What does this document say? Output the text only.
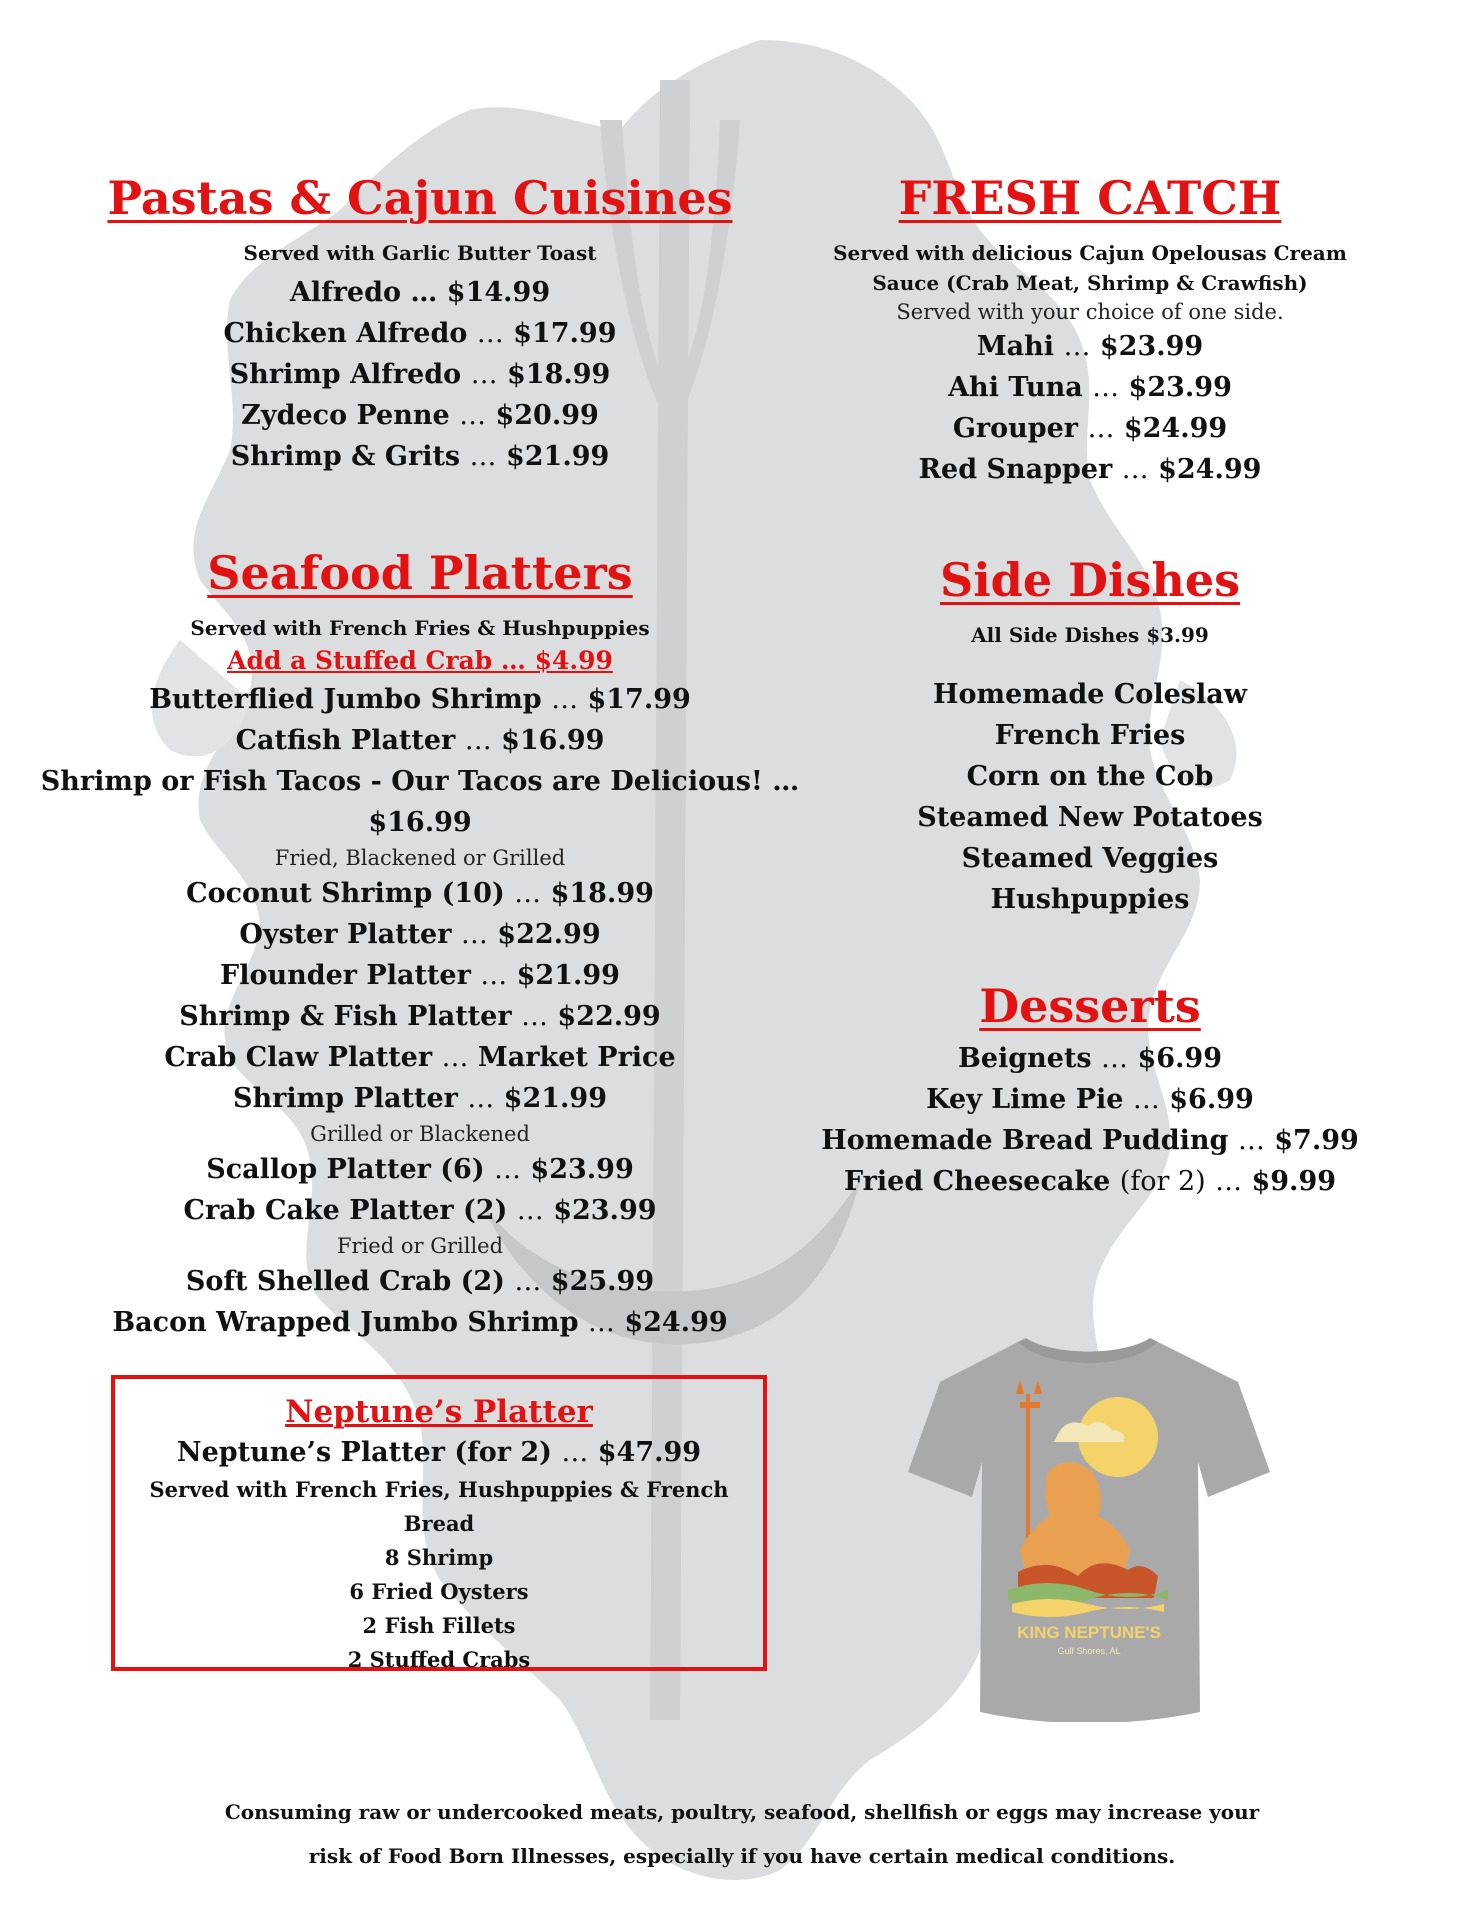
Pastas & Cajun Cuisines
Served with Garlic Butter Toast
Alfredo … $14.99
Chicken Alfredo … $17.99
Shrimp Alfredo … $18.99
Zydeco Penne … $20.99
Shrimp & Grits … $21.99
Seafood Platters
Served with French Fries & Hushpuppies
Add a Stuffed Crab … $4.99
Butterflied Jumbo Shrimp … $17.99
Catfish Platter … $16.99
Shrimp or Fish Tacos - Our Tacos are Delicious! … $16.99
Fried, Blackened or Grilled
Coconut Shrimp (10) … $18.99
Oyster Platter … $22.99
Flounder Platter … $21.99
Shrimp & Fish Platter … $22.99
Crab Claw Platter … Market Price
Shrimp Platter … $21.99
Grilled or Blackened
Scallop Platter (6) … $23.99
Crab Cake Platter (2) … $23.99
Fried or Grilled
Soft Shelled Crab (2) … $25.99
Bacon Wrapped Jumbo Shrimp … $24.99
FRESH CATCH
Served with delicious Cajun Opelousas Cream
Sauce (Crab Meat, Shrimp & Crawfish)
Served with your choice of one side.
Mahi … $23.99
Ahi Tuna … $23.99
Grouper … $24.99
Red Snapper … $24.99
Side Dishes
All Side Dishes $3.99
Homemade Coleslaw
French Fries
Corn on the Cob
Steamed New Potatoes
Steamed Veggies
Hushpuppies
Desserts
Beignets … $6.99
Key Lime Pie … $6.99
Homemade Bread Pudding … $7.99
Fried Cheesecake (for 2) … $9.99
Neptune’s Platter
Neptune’s Platter (for 2) … $47.99
Served with French Fries, Hushpuppies & French Bread
8 Shrimp
6 Fried Oysters
2 Fish Fillets
2 Stuffed Crabs
KING NEPTUNE'S
Gulf Shores, AL
Consuming raw or undercooked meats, poultry, seafood, shellfish or eggs may increase your
risk of Food Born Illnesses, especially if you have certain medical conditions.
